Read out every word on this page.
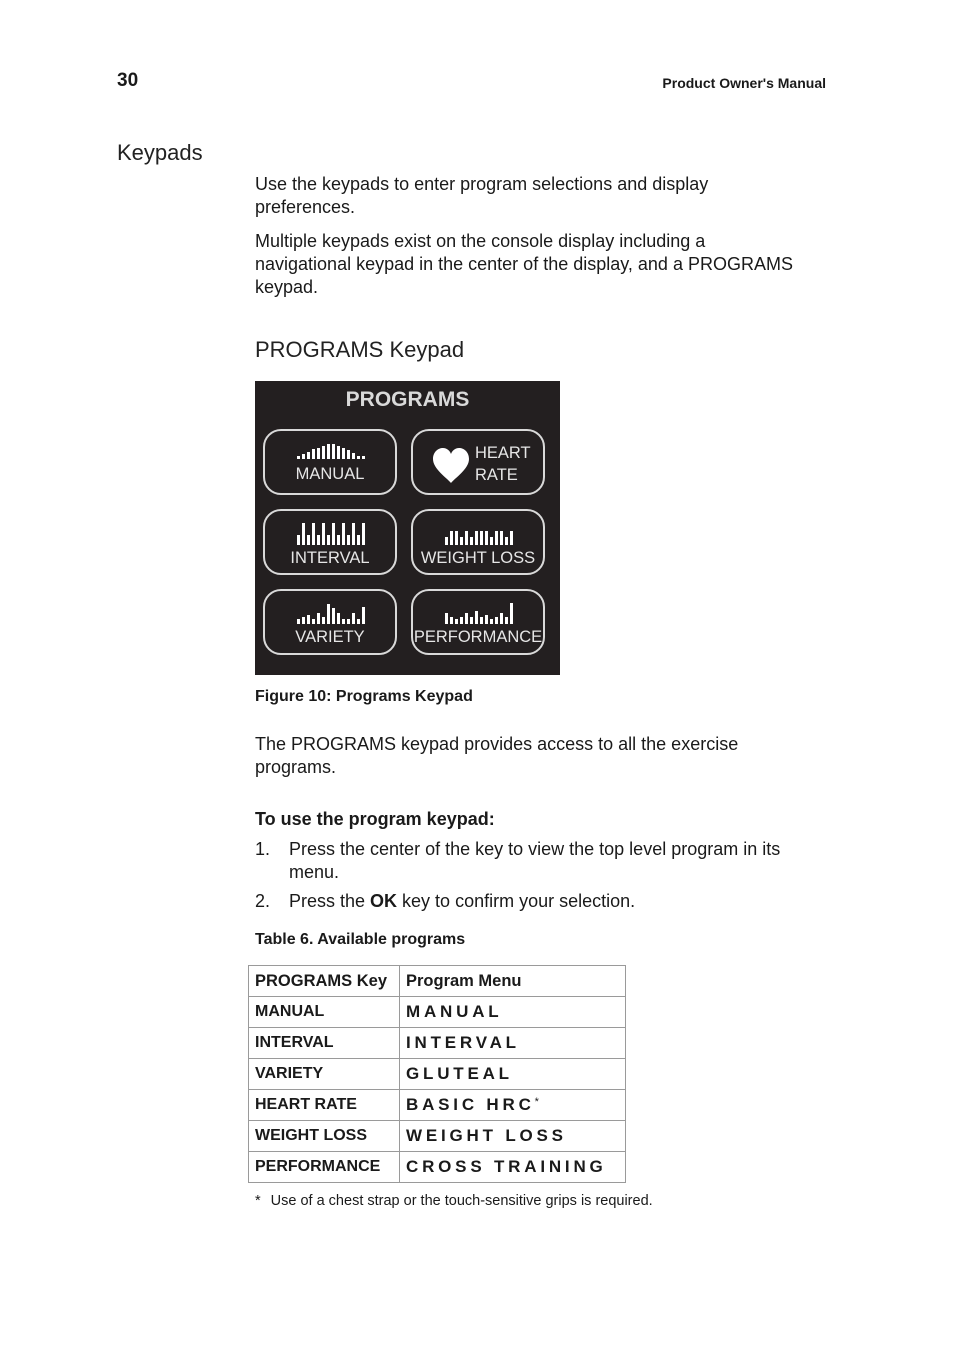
30	Product Owner's Manual
Keypads
Use the keypads to enter program selections and display preferences.
Multiple keypads exist on the console display including a navigational keypad in the center of the display, and a PROGRAMS keypad.
PROGRAMS Keypad
PROGRAMS
MANUAL
HEART
RATE
INTERVAL	WEIGHT LOSS
VARIETY	PERFORMANCE
Figure 10: Programs Keypad
The PROGRAMS keypad provides access to all the exercise programs.
To use the program keypad:
1. Press the center of the key to view the top level program in its menu.
2. Press the OK key to confirm your selection.
Table 6. Available programs
PROGRAMS Key	Program Menu
MANUAL	MANUAL
INTERVAL	INTERVAL
VARIETY	GLUTEAL
HEART RATE	BASIC HRC*
WEIGHT LOSS	WEIGHT LOSS
PERFORMANCE	CROSS TRAINING
* Use of a chest strap or the touch-sensitive grips is required.
